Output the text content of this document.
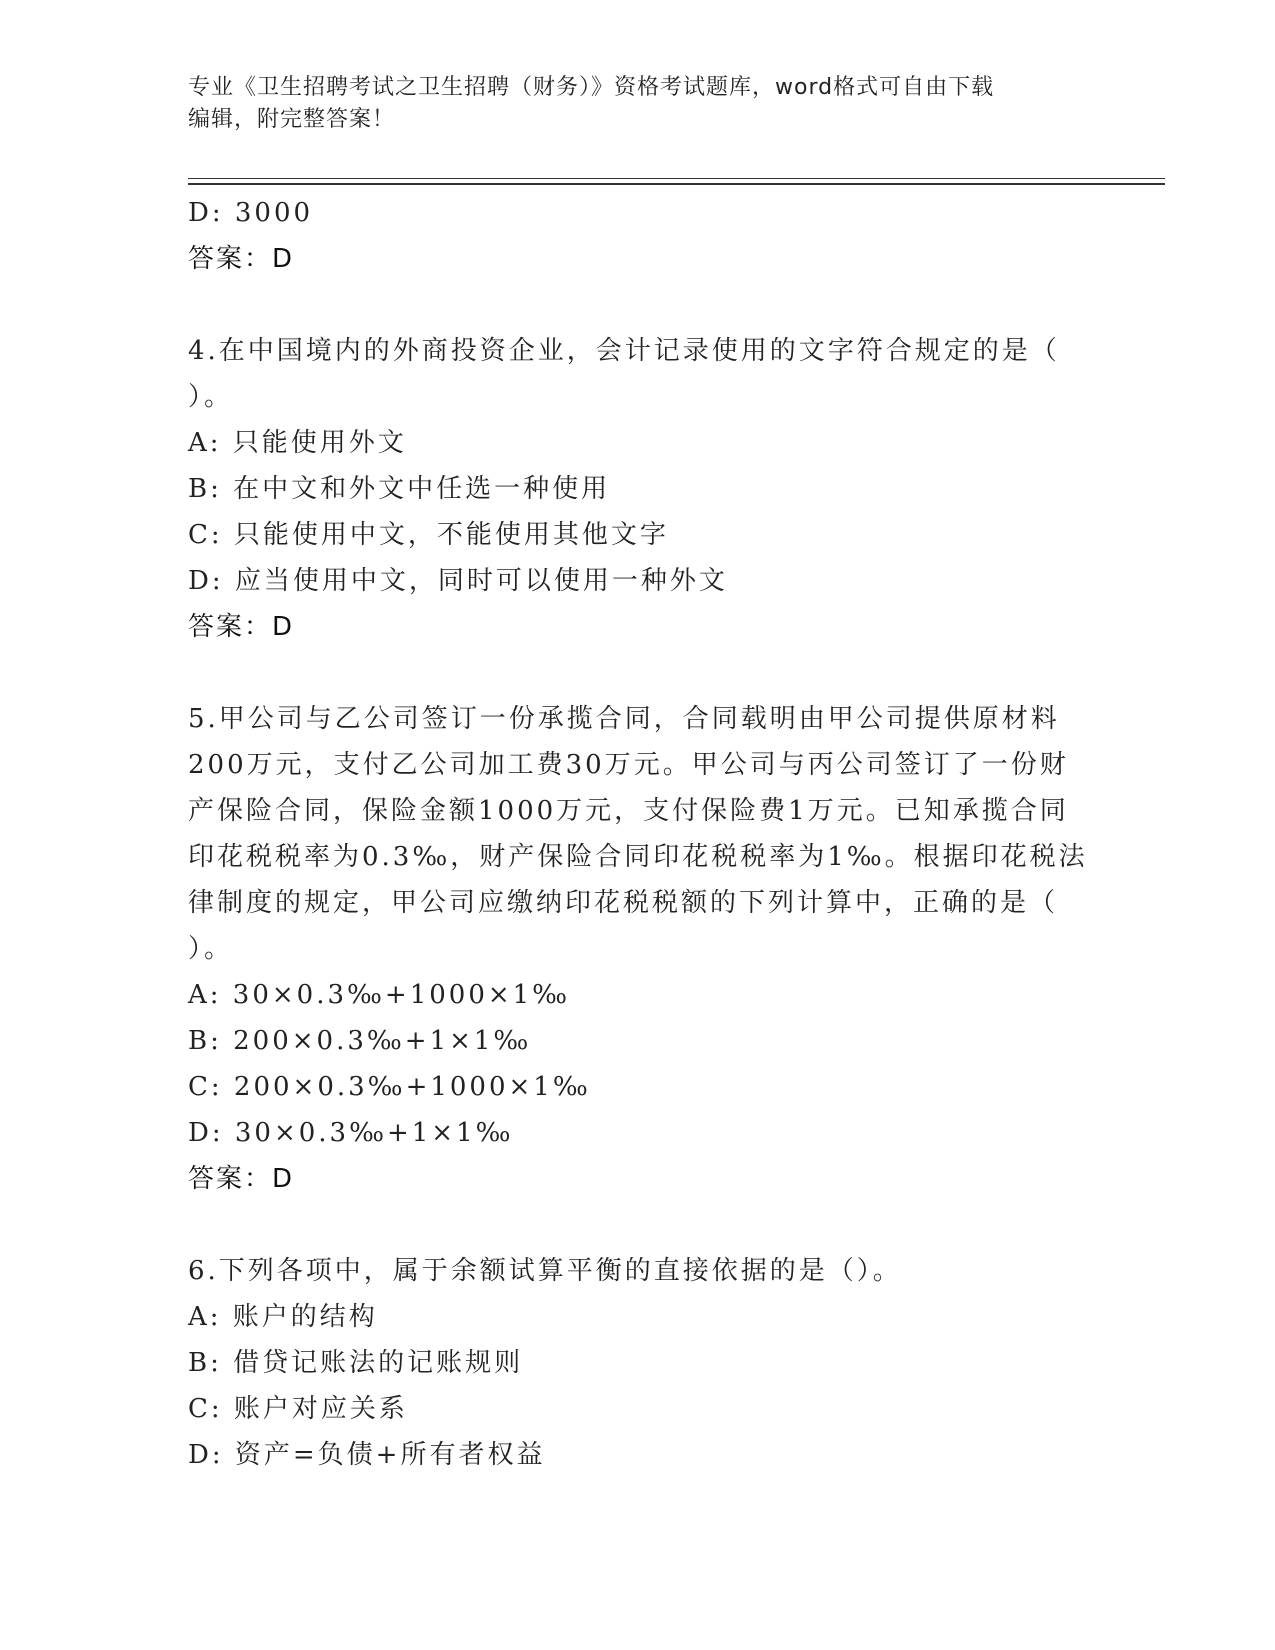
专业《卫生招聘考试之卫生招聘（财务）》资格考试题库，word格式可自由下载
编辑，附完整答案！
D: 3000
答案：D
4.在中国境内的外商投资企业，会计记录使用的文字符合规定的是（
）。
A: 只能使用外文
B: 在中文和外文中任选一种使用
C: 只能使用中文，不能使用其他文字
D: 应当使用中文，同时可以使用一种外文
答案：D
5.甲公司与乙公司签订一份承揽合同，合同载明由甲公司提供原材料
200万元，支付乙公司加工费30万元。甲公司与丙公司签订了一份财
产保险合同，保险金额1000万元，支付保险费1万元。已知承揽合同
印花税税率为0.3‰，财产保险合同印花税税率为1‰。根据印花税法
律制度的规定，甲公司应缴纳印花税税额的下列计算中，正确的是（
）。
A: 30×0.3‰+1000×1‰
B: 200×0.3‰+1×1‰
C: 200×0.3‰+1000×1‰
D: 30×0.3‰+1×1‰
答案：D
6.下列各项中，属于余额试算平衡的直接依据的是（）。
A: 账户的结构
B: 借贷记账法的记账规则
C: 账户对应关系
D: 资产=负债+所有者权益
